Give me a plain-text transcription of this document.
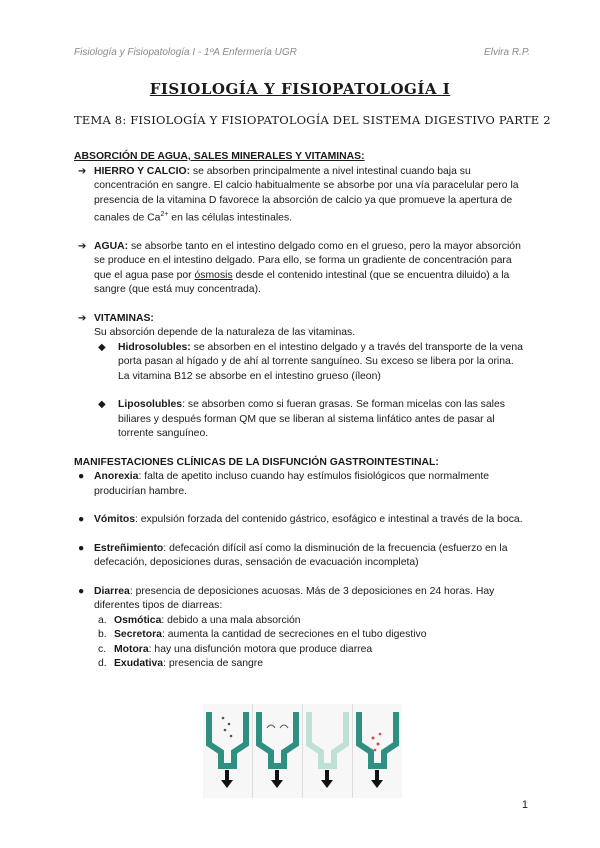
Fisiología y Fisiopatología I - 1ºA Enfermería UGR	Elvira R.P.
FISIOLOGÍA Y FISIOPATOLOGÍA I
TEMA 8: FISIOLOGÍA Y FISIOPATOLOGÍA DEL SISTEMA DIGESTIVO PARTE 2

ABSORCIÓN DE AGUA, SALES MINERALES Y VITAMINAS:

➔ HIERRO Y CALCIO: se absorben principalmente a nivel intestinal cuando baja su concentración en sangre. El calcio habitualmente se absorbe por una vía paracelular pero la presencia de la vitamina D favorece la absorción de calcio ya que promueve la apertura de canales de $Ca^{2+}$ en las células intestinales.
➔ AGUA: se absorbe tanto en el intestino delgado como en el grueso, pero la mayor absorción se produce en el intestino delgado. Para ello, se forma un gradiente de concentración para que el agua pase por ósmosis desde el contenido intestinal (que se encuentra diluido) a la sangre (que está muy concentrada).
➔ VITAMINAS:
Su absorción depende de la naturaleza de las vitaminas.
◆ Hidrosolubles: se absorben en el intestino delgado y a través del transporte de la vena porta pasan al hígado y de ahí al torrente sanguíneo. Su exceso se libera por la orina. La vitamina B12 se absorbe en el intestino grueso (íleon)
◆ Liposolubles: se absorben como si fueran grasas. Se forman micelas con las sales biliares y después forman QM que se liberan al sistema linfático antes de pasar al torrente sanguíneo.

MANIFESTACIONES CLÍNICAS DE LA DISFUNCIÓN GASTROINTESTINAL:

● Anorexia: falta de apetito incluso cuando hay estímulos fisiológicos que normalmente producirían hambre.
● Vómitos: expulsión forzada del contenido gástrico, esofágico e intestinal a través de la boca.
● Estreñimiento: defecación difícil así como la disminución de la frecuencia (esfuerzo en la defecación, deposiciones duras, sensación de evacuación incompleta)
● Diarrea: presencia de deposiciones acuosas. Más de 3 deposiciones en 24 horas. Hay diferentes tipos de diarreas:
a. Osmótica: debido a una mala absorción
b. Secretora: aumenta la cantidad de secreciones en el tubo digestivo
c. Motora: hay una disfunción motora que produce diarrea
d. Exudativa: presencia de sangre
1
